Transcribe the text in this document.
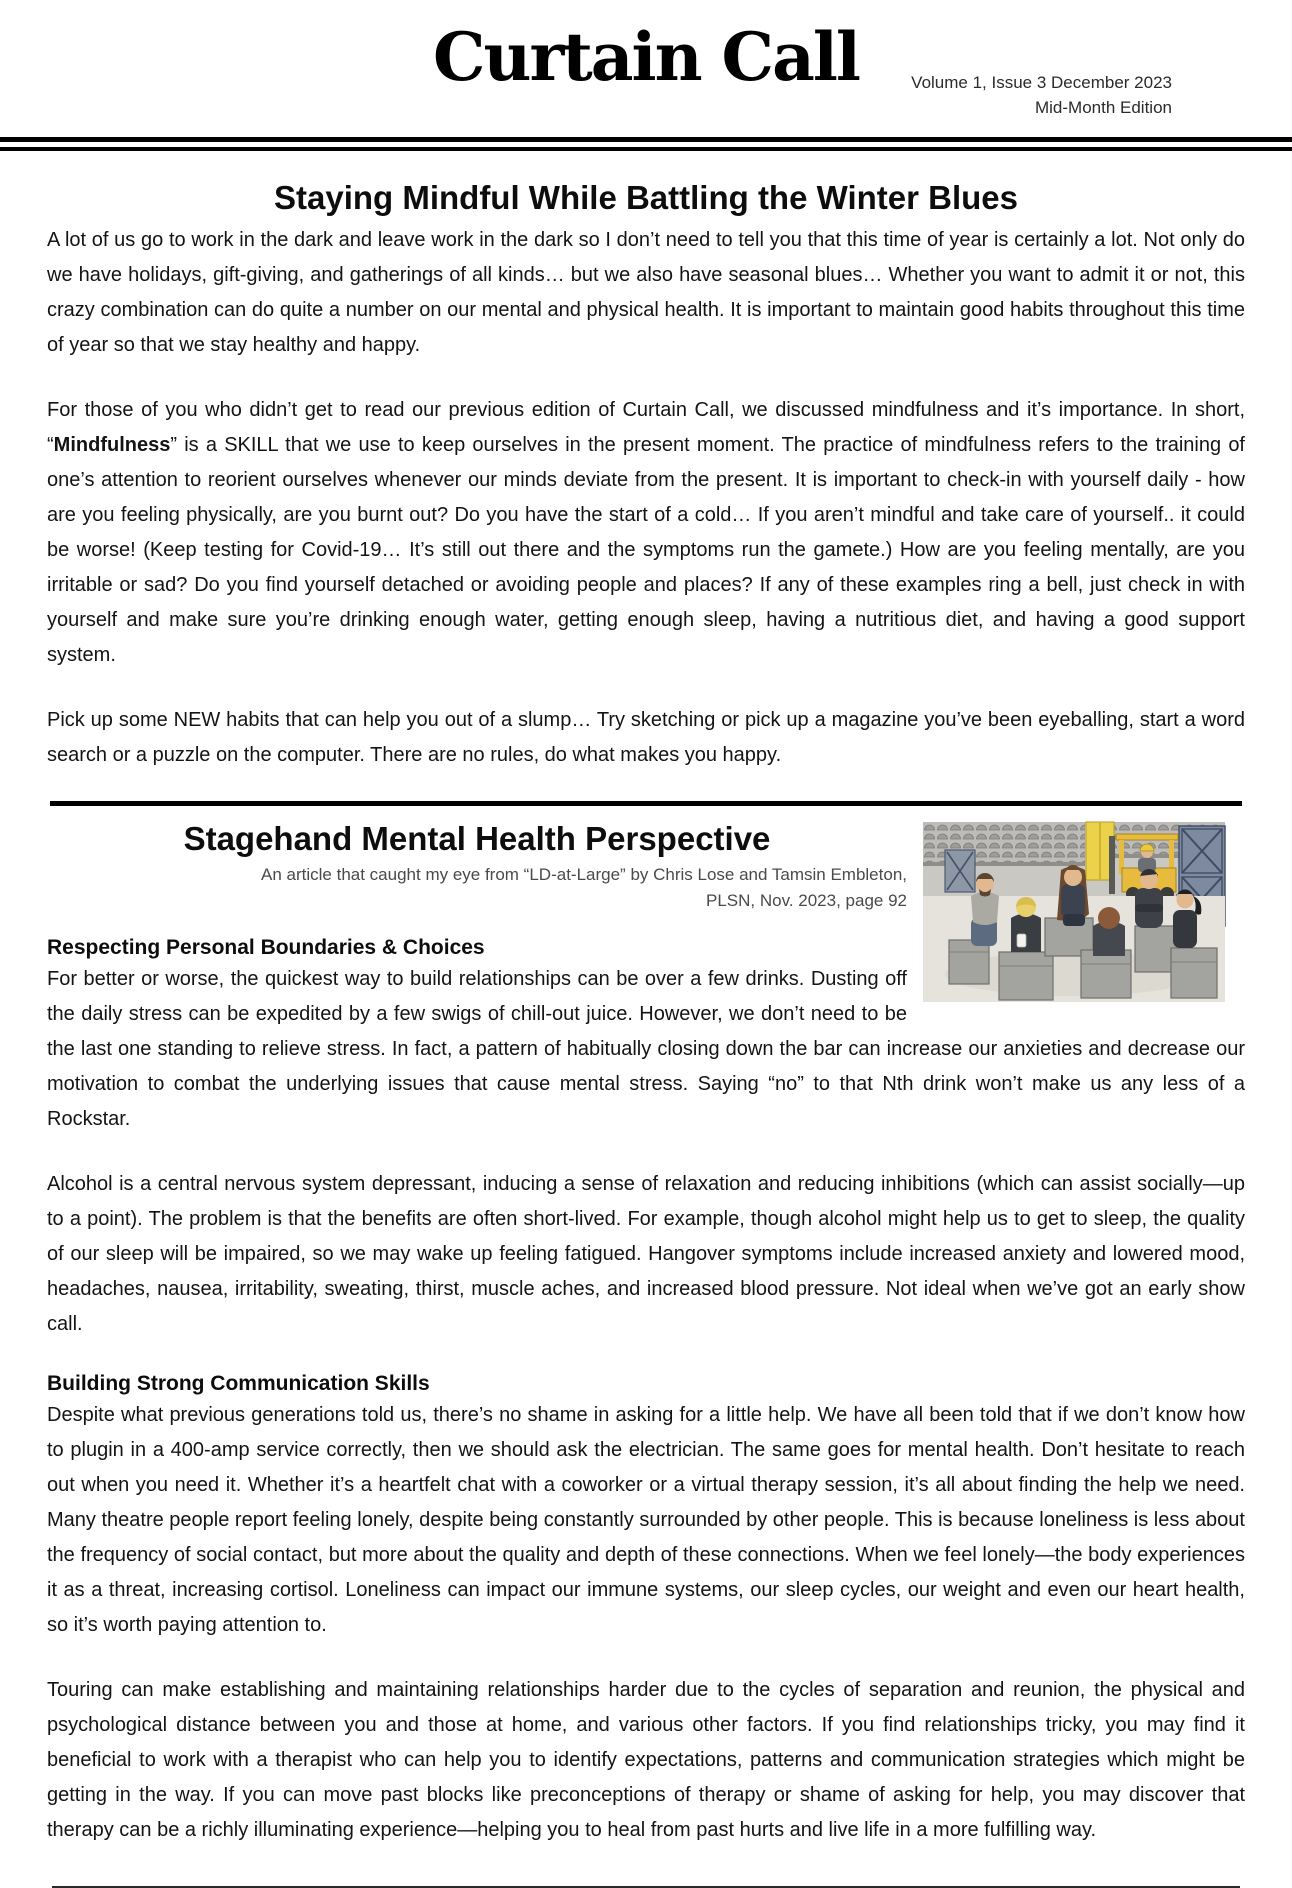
Curtain Call	Volume 1, Issue 3 December 2023
Mid-Month Edition
Staying Mindful While Battling the Winter Blues

A lot of us go to work in the dark and leave work in the dark so I don’t need to tell you that this time of year is certainly a lot. Not only do we have holidays, gift-giving, and gatherings of all kinds… but we also have seasonal blues… Whether you want to admit it or not, this crazy combination can do quite a number on our mental and physical health. It is important to maintain good habits throughout this time of year so that we stay healthy and happy.

For those of you who didn’t get to read our previous edition of Curtain Call, we discussed mindfulness and it’s importance. In short, “Mindfulness” is a SKILL that we use to keep ourselves in the present moment. The practice of mindfulness refers to the training of one’s attention to reorient ourselves whenever our minds deviate from the present. It is important to check-in with yourself daily - how are you feeling physically, are you burnt out? Do you have the start of a cold… If you aren’t mindful and take care of yourself.. it could be worse! (Keep testing for Covid-19… It’s still out there and the symptoms run the gamete.) How are you feeling mentally, are you irritable or sad? Do you find yourself detached or avoiding people and places? If any of these examples ring a bell, just check in with yourself and make sure you’re drinking enough water, getting enough sleep, having a nutritious diet, and having a good support system.

Pick up some NEW habits that can help you out of a slump… Try sketching or pick up a magazine you’ve been eyeballing, start a word search or a puzzle on the computer. There are no rules, do what makes you happy.

Stagehand Mental Health Perspective

An article that caught my eye from “LD-at-Large” by Chris Lose and Tamsin Embleton,
PLSN, Nov. 2023, page 92

Respecting Personal Boundaries & Choices

For better or worse, the quickest way to build relationships can be over a few drinks. Dusting off the daily stress can be expedited by a few swigs of chill-out juice. However, we don’t need to be the last one standing to relieve stress. In fact, a pattern of habitually closing down the bar can increase our anxieties and decrease our motivation to combat the underlying issues that cause mental stress. Saying “no” to that Nth drink won’t make us any less of a Rockstar.

Alcohol is a central nervous system depressant, inducing a sense of relaxation and reducing inhibitions (which can assist socially—up to a point). The problem is that the benefits are often short-lived. For example, though alcohol might help us to get to sleep, the quality of our sleep will be impaired, so we may wake up feeling fatigued. Hangover symptoms include increased anxiety and lowered mood, headaches, nausea, irritability, sweating, thirst, muscle aches, and increased blood pressure. Not ideal when we’ve got an early show call.

Building Strong Communication Skills

Despite what previous generations told us, there’s no shame in asking for a little help. We have all been told that if we don’t know how to plugin in a 400-amp service correctly, then we should ask the electrician. The same goes for mental health. Don’t hesitate to reach out when you need it. Whether it’s a heartfelt chat with a coworker or a virtual therapy session, it’s all about finding the help we need. Many theatre people report feeling lonely, despite being constantly surrounded by other people. This is because loneliness is less about the frequency of social contact, but more about the quality and depth of these connections. When we feel lonely—the body experiences it as a threat, increasing cortisol. Loneliness can impact our immune systems, our sleep cycles, our weight and even our heart health, so it’s worth paying attention to.

Touring can make establishing and maintaining relationships harder due to the cycles of separation and reunion, the physical and psychological distance between you and those at home, and various other factors. If you find relationships tricky, you may find it beneficial to work with a therapist who can help you to identify expectations, patterns and communication strategies which might be getting in the way. If you can move past blocks like preconceptions of therapy or shame of asking for help, you may discover that therapy can be a richly illuminating experience—helping you to heal from past hurts and live life in a more fulfilling way.
